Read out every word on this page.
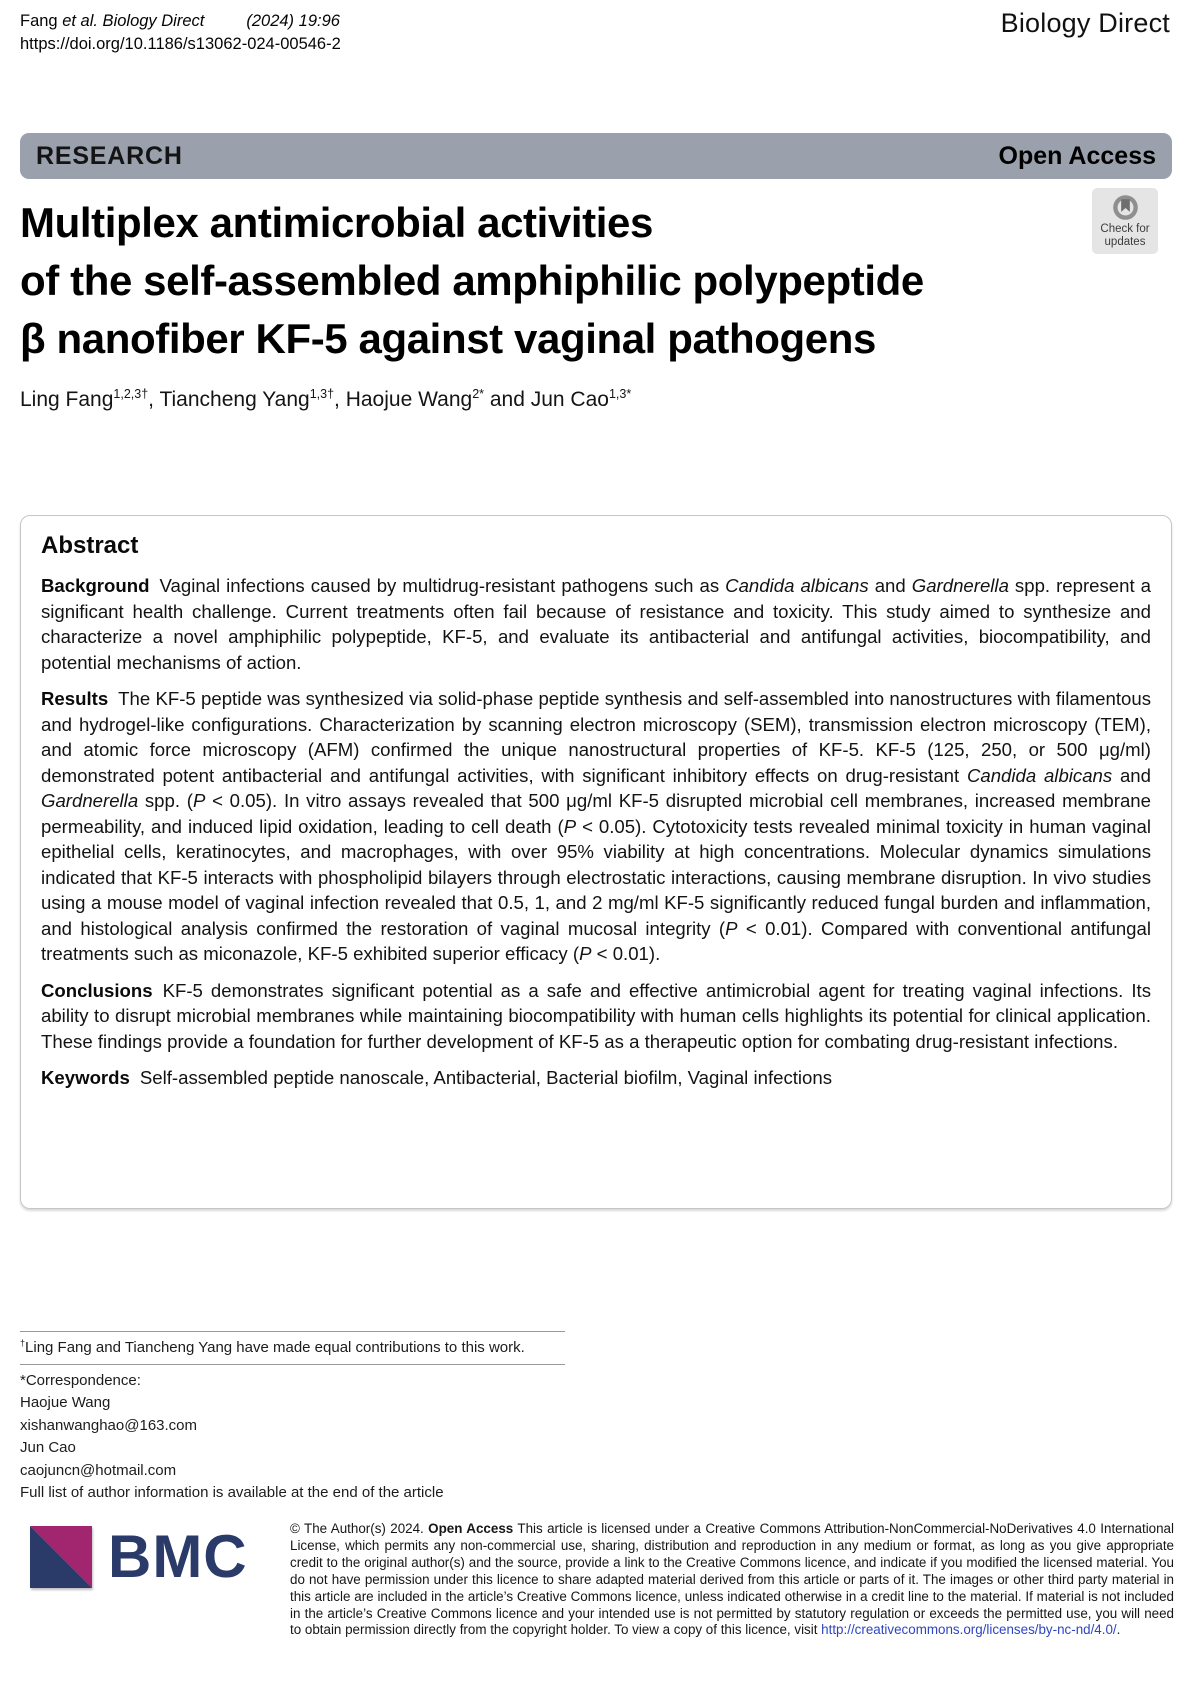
Fang et al. Biology Direct	(2024) 19:96
https://doi.org/10.1186/s13062-024-00546-2
Biology Direct
RESEARCH	Open Access
Check for
updates
Multiplex antimicrobial activities
of the self-assembled amphiphilic polypeptide
β nanofiber KF-5 against vaginal pathogens
Ling Fang$^{1,2,3\dagger}$, Tiancheng Yang$^{1,3\dagger}$, Haojue Wang$^{2*}$ and Jun Cao$^{1,3*}$
Abstract

Background Vaginal infections caused by multidrug-resistant pathogens such as Candida albicans and Gardnerella spp. represent a significant health challenge. Current treatments often fail because of resistance and toxicity. This study aimed to synthesize and characterize a novel amphiphilic polypeptide, KF-5, and evaluate its antibacterial and antifungal activities, biocompatibility, and potential mechanisms of action.

Results The KF-5 peptide was synthesized via solid-phase peptide synthesis and self-assembled into nanostructures with filamentous and hydrogel-like configurations. Characterization by scanning electron microscopy (SEM), transmission electron microscopy (TEM), and atomic force microscopy (AFM) confirmed the unique nanostructural properties of KF-5. KF-5 (125, 250, or 500 μg/ml) demonstrated potent antibacterial and antifungal activities, with significant inhibitory effects on drug-resistant Candida albicans and Gardnerella spp. (P < 0.05). In vitro assays revealed that 500 μg/ml KF-5 disrupted microbial cell membranes, increased membrane permeability, and induced lipid oxidation, leading to cell death (P < 0.05). Cytotoxicity tests revealed minimal toxicity in human vaginal epithelial cells, keratinocytes, and macrophages, with over 95% viability at high concentrations. Molecular dynamics simulations indicated that KF-5 interacts with phospholipid bilayers through electrostatic interactions, causing membrane disruption. In vivo studies using a mouse model of vaginal infection revealed that 0.5, 1, and 2 mg/ml KF-5 significantly reduced fungal burden and inflammation, and histological analysis confirmed the restoration of vaginal mucosal integrity (P < 0.01). Compared with conventional antifungal treatments such as miconazole, KF-5 exhibited superior efficacy (P < 0.01).

Conclusions KF-5 demonstrates significant potential as a safe and effective antimicrobial agent for treating vaginal infections. Its ability to disrupt microbial membranes while maintaining biocompatibility with human cells highlights its potential for clinical application. These findings provide a foundation for further development of KF-5 as a therapeutic option for combating drug-resistant infections.

Keywords Self-assembled peptide nanoscale, Antibacterial, Bacterial biofilm, Vaginal infections

†Ling Fang and Tiancheng Yang have made equal contributions to this work.

*Correspondence:

Haojue Wang

xishanwanghao@163.com

Jun Cao

caojuncn@hotmail.com

Full list of author information is available at the end of the article

BMC	© The Author(s) 2024. Open Access This article is licensed under a Creative Commons Attribution-NonCommercial-NoDerivatives 4.0 International License, which permits any non-commercial use, sharing, distribution and reproduction in any medium or format, as long as you give appropriate credit to the original author(s) and the source, provide a link to the Creative Commons licence, and indicate if you modified the licensed material. You do not have permission under this licence to share adapted material derived from this article or parts of it. The images or other third party material in this article are included in the article’s Creative Commons licence, unless indicated otherwise in a credit line to the material. If material is not included in the article’s Creative Commons licence and your intended use is not permitted by statutory regulation or exceeds the permitted use, you will need to obtain permission directly from the copyright holder. To view a copy of this licence, visit http://creativecommons.org/licenses/by-nc-nd/4.0/.
